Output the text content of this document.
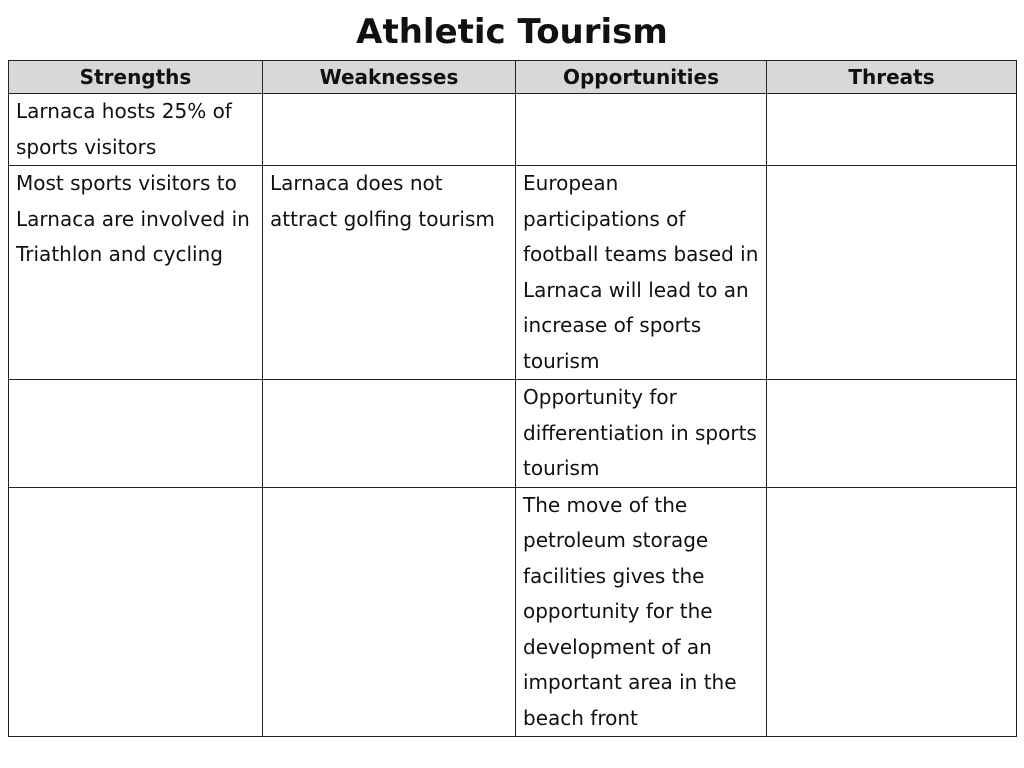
Athletic Tourism
Strengths	Weaknesses	Opportunities	Threats
Larnaca hosts 25% of sports visitors			
Most sports visitors to Larnaca are involved in Triathlon and cycling	Larnaca does not attract golfing tourism	European participations of football teams based in Larnaca will lead to an increase of sports tourism	
		Opportunity for differentiation in sports tourism	
		The move of the petroleum storage facilities gives the opportunity for the development of an important area in the beach front	
